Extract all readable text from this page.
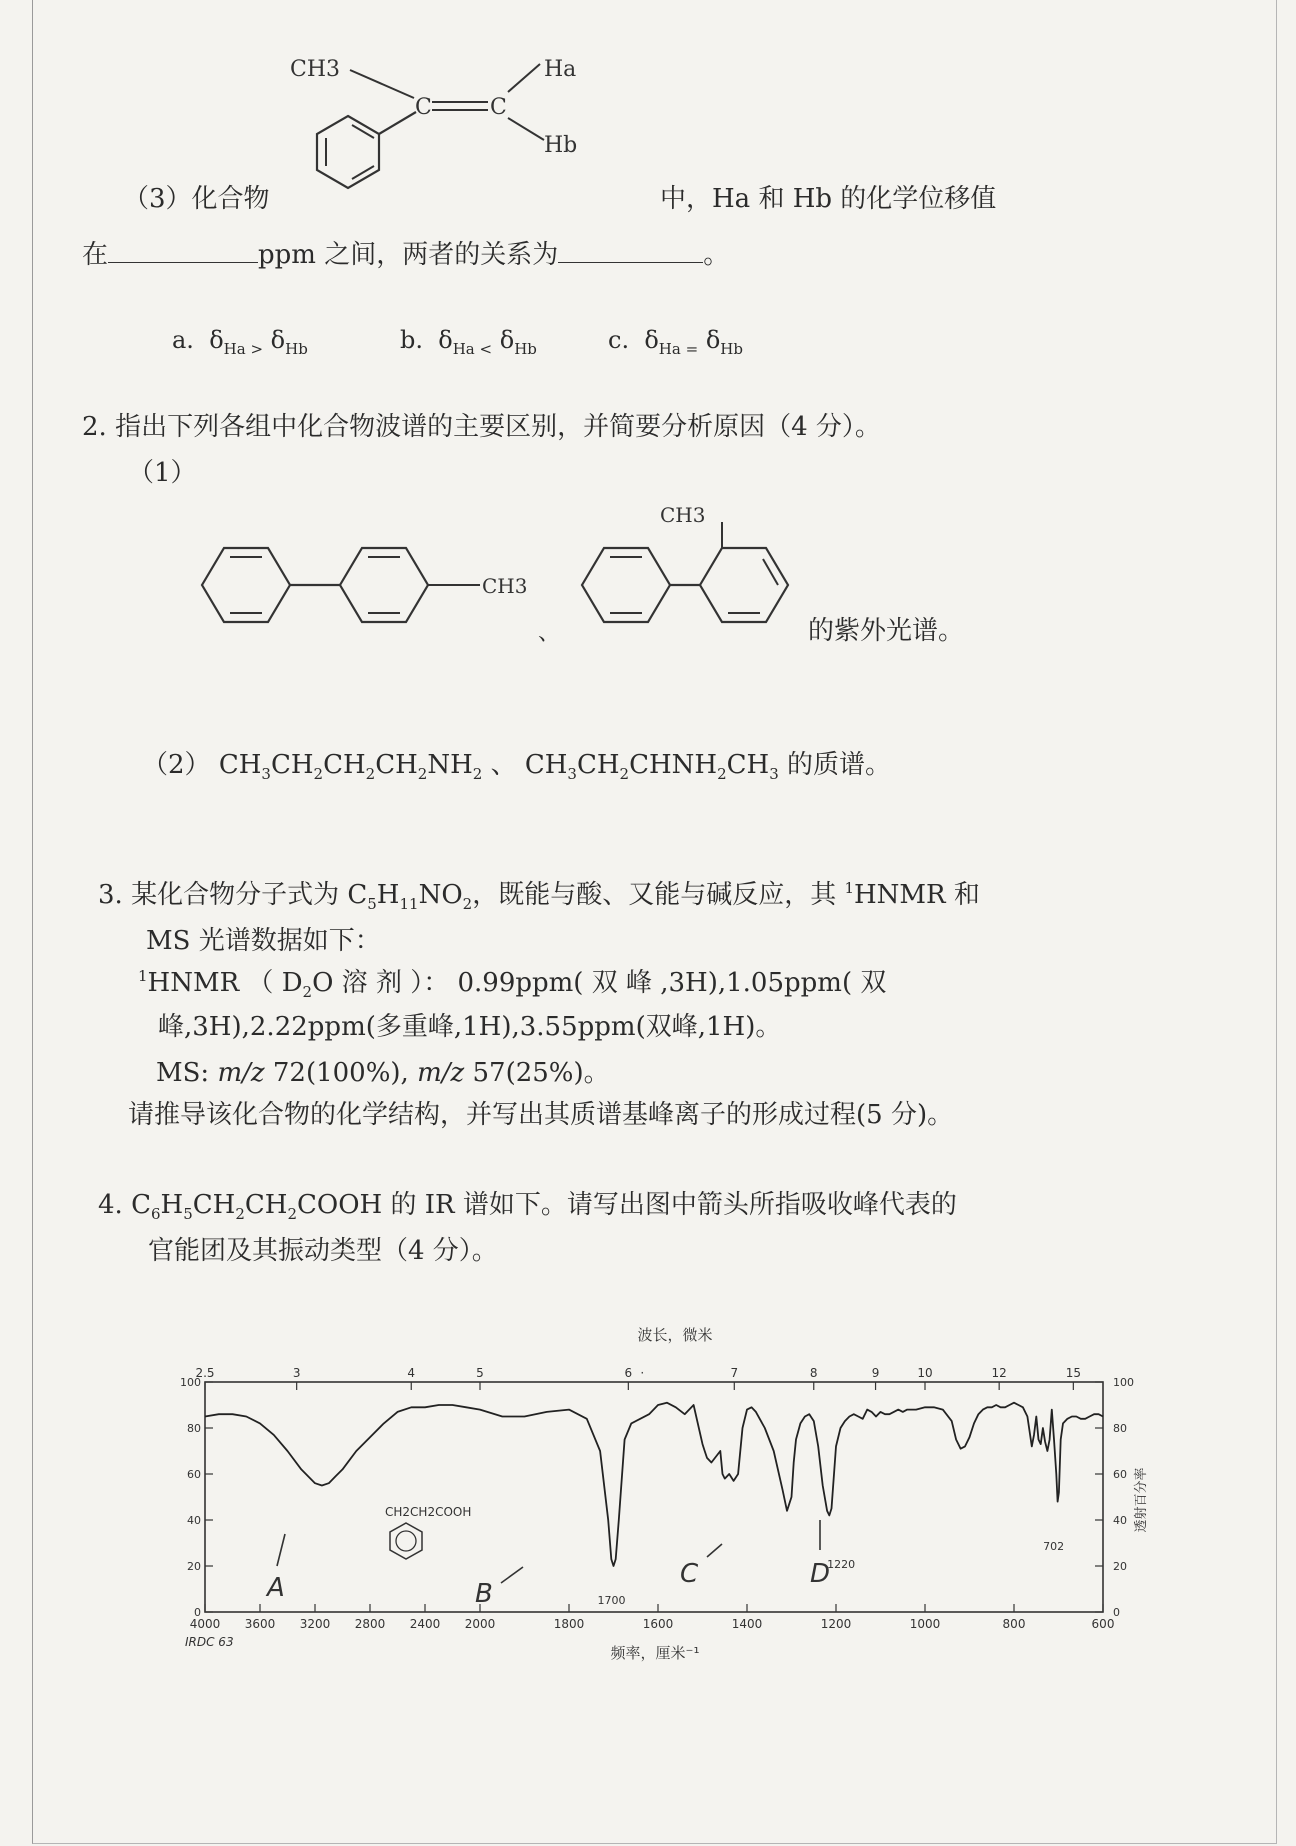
CH3
C	C
Ha
Hb
（3）化合物	中，Ha 和 Hb 的化学位移值
在	ppm 之间，两者的关系为	。
a. $\delta_{Ha >}$ $\delta_{Hb}$	b. $\delta_{Ha <}$ $\delta_{Hb}$	c. $\delta_{Ha =}$ $\delta_{Hb}$
2. 指出下列各组中化合物波谱的主要区别，并简要分析原因（4 分）。
（1）
CH3
、
CH3
的紫外光谱。
（2） $CH_3CH_2CH_2CH_2NH_2$ 、 $CH_3CH_2CHNH_2CH_3$ 的质谱。
3. 某化合物分子式为 $C_5H_{11}NO_2$，既能与酸、又能与碱反应，其 $^1$HNMR 和
MS 光谱数据如下：
$^1$HNMR （ $D_2O$ 溶 剂 ）： 0.99ppm( 双 峰 ,3H),1.05ppm( 双
峰,3H),2.22ppm(多重峰,1H),3.55ppm(双峰,1H)。
MS: m/z 72(100%), m/z 57(25%)。
请推导该化合物的化学结构，并写出其质谱基峰离子的形成过程(5 分)。
4. $C_6H_5CH_2CH_2COOH$ 的 IR 谱如下。请写出图中箭头所指吸收峰代表的
官能团及其振动类型（4 分）。
0
20
40
60
80
100
0
20
40
60
80
100
4000 3600 3200 2800 2400 2000	1800	1600	1400	1200	1000	800	600
2.5	3	4	5	6	7	8	9	10	12	15
·
波长，微米
频率，厘米⁻¹
IRDC 63
透射百分率
CH2CH2COOH
A	B
C	D
1700
1220
702
